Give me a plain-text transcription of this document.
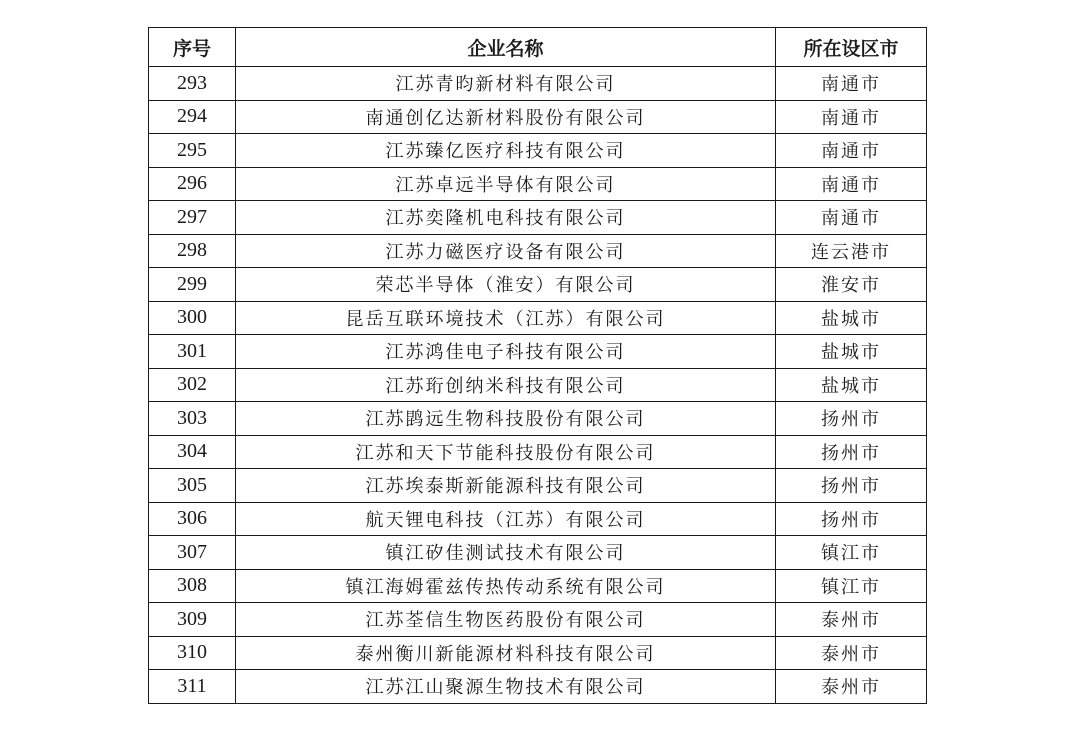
序号	企业名称	所在设区市
293	江苏青昀新材料有限公司	南通市
294	南通创亿达新材料股份有限公司	南通市
295	江苏臻亿医疗科技有限公司	南通市
296	江苏卓远半导体有限公司	南通市
297	江苏奕隆机电科技有限公司	南通市
298	江苏力磁医疗设备有限公司	连云港市
299	荣芯半导体（淮安）有限公司	淮安市
300	昆岳互联环境技术（江苏）有限公司	盐城市
301	江苏鸿佳电子科技有限公司	盐城市
302	江苏珩创纳米科技有限公司	盐城市
303	江苏鹍远生物科技股份有限公司	扬州市
304	江苏和天下节能科技股份有限公司	扬州市
305	江苏埃泰斯新能源科技有限公司	扬州市
306	航天锂电科技（江苏）有限公司	扬州市
307	镇江矽佳测试技术有限公司	镇江市
308	镇江海姆霍兹传热传动系统有限公司	镇江市
309	江苏荃信生物医药股份有限公司	泰州市
310	泰州衡川新能源材料科技有限公司	泰州市
311	江苏江山聚源生物技术有限公司	泰州市
